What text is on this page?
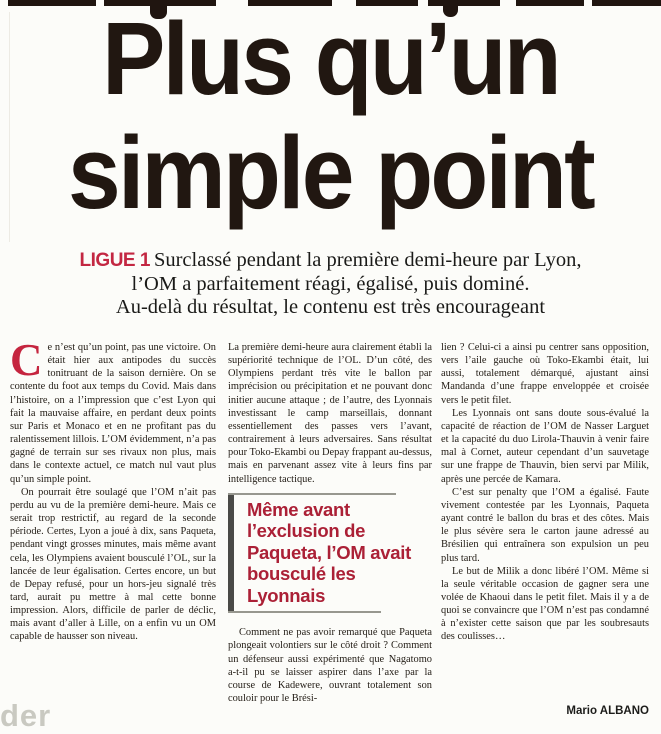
Plus qu’un
simple point
LIGUE 1 Surclassé pendant la première demi-heure par Lyon,
l’OM a parfaitement réagi, égalisé, puis dominé.
Au-delà du résultat, le contenu est très encourageant

Ce n’est qu’un point, pas une victoire. On était hier aux antipodes du succès tonitruant de la saison dernière. On se contente du foot aux temps du Covid. Mais dans l’histoire, on a l’impression que c’est Lyon qui fait la mauvaise affaire, en perdant deux points sur Paris et Monaco et en ne profitant pas du ralentissement lillois. L’OM évidemment, n’a pas gagné de terrain sur ses rivaux non plus, mais dans le contexte actuel, ce match nul vaut plus qu’un simple point.

On pourrait être soulagé que l’OM n’ait pas perdu au vu de la première demi-heure. Mais ce serait trop restrictif, au regard de la seconde période. Certes, Lyon a joué à dix, sans Paqueta, pendant vingt grosses minutes, mais même avant cela, les Olympiens avaient bousculé l’OL, sur la lancée de leur égalisation. Certes encore, un but de Depay refusé, pour un hors-jeu signalé très tard, aurait pu mettre à mal cette bonne impression. Alors, difficile de parler de déclic, mais avant d’aller à Lille, on a enfin vu un OM capable de hausser son niveau.

La première demi-heure aura clairement établi la supériorité technique de l’OL. D’un côté, des Olympiens perdant très vite le ballon par imprécision ou précipitation et ne pouvant donc initier aucune attaque ; de l’autre, des Lyonnais investissant le camp marseillais, donnant essentiellement des passes vers l’avant, contrairement à leurs adversaires. Sans résultat pour Toko-Ekambi ou Depay frappant au-dessus, mais en parvenant assez vite à leurs fins par intelligence tactique.

Même avant l’exclusion de Paqueta, l’OM avait bousculé les Lyonnais

Comment ne pas avoir remarqué que Paqueta plongeait volontiers sur le côté droit ? Comment un défenseur aussi expérimenté que Nagatomo a-t-il pu se laisser aspirer dans l’axe par la course de Kadewere, ouvrant totalement son couloir pour le Brési-

lien ? Celui-ci a ainsi pu centrer sans opposition, vers l’aile gauche où Toko-Ekambi était, lui aussi, totalement démarqué, ajustant ainsi Mandanda d’une frappe enveloppée et croisée vers le petit filet.

Les Lyonnais ont sans doute sous-évalué la capacité de réaction de l’OM de Nasser Larguet et la capacité du duo Lirola-Thauvin à venir faire mal à Cornet, auteur cependant d’un sauvetage sur une frappe de Thauvin, bien servi par Milik, après une percée de Kamara.

C’est sur penalty que l’OM a égalisé. Faute vivement contestée par les Lyonnais, Paqueta ayant contré le ballon du bras et des côtes. Mais le plus sévère sera le carton jaune adressé au Brésilien qui entraînera son expulsion un peu plus tard.

Le but de Milik a donc libéré l’OM. Même si la seule véritable occasion de gagner sera une volée de Khaoui dans le petit filet. Mais il y a de quoi se convaincre que l’OM n’est pas condamné à n’exister cette saison que par les soubresauts des coulisses…

Mario ALBANO
der
